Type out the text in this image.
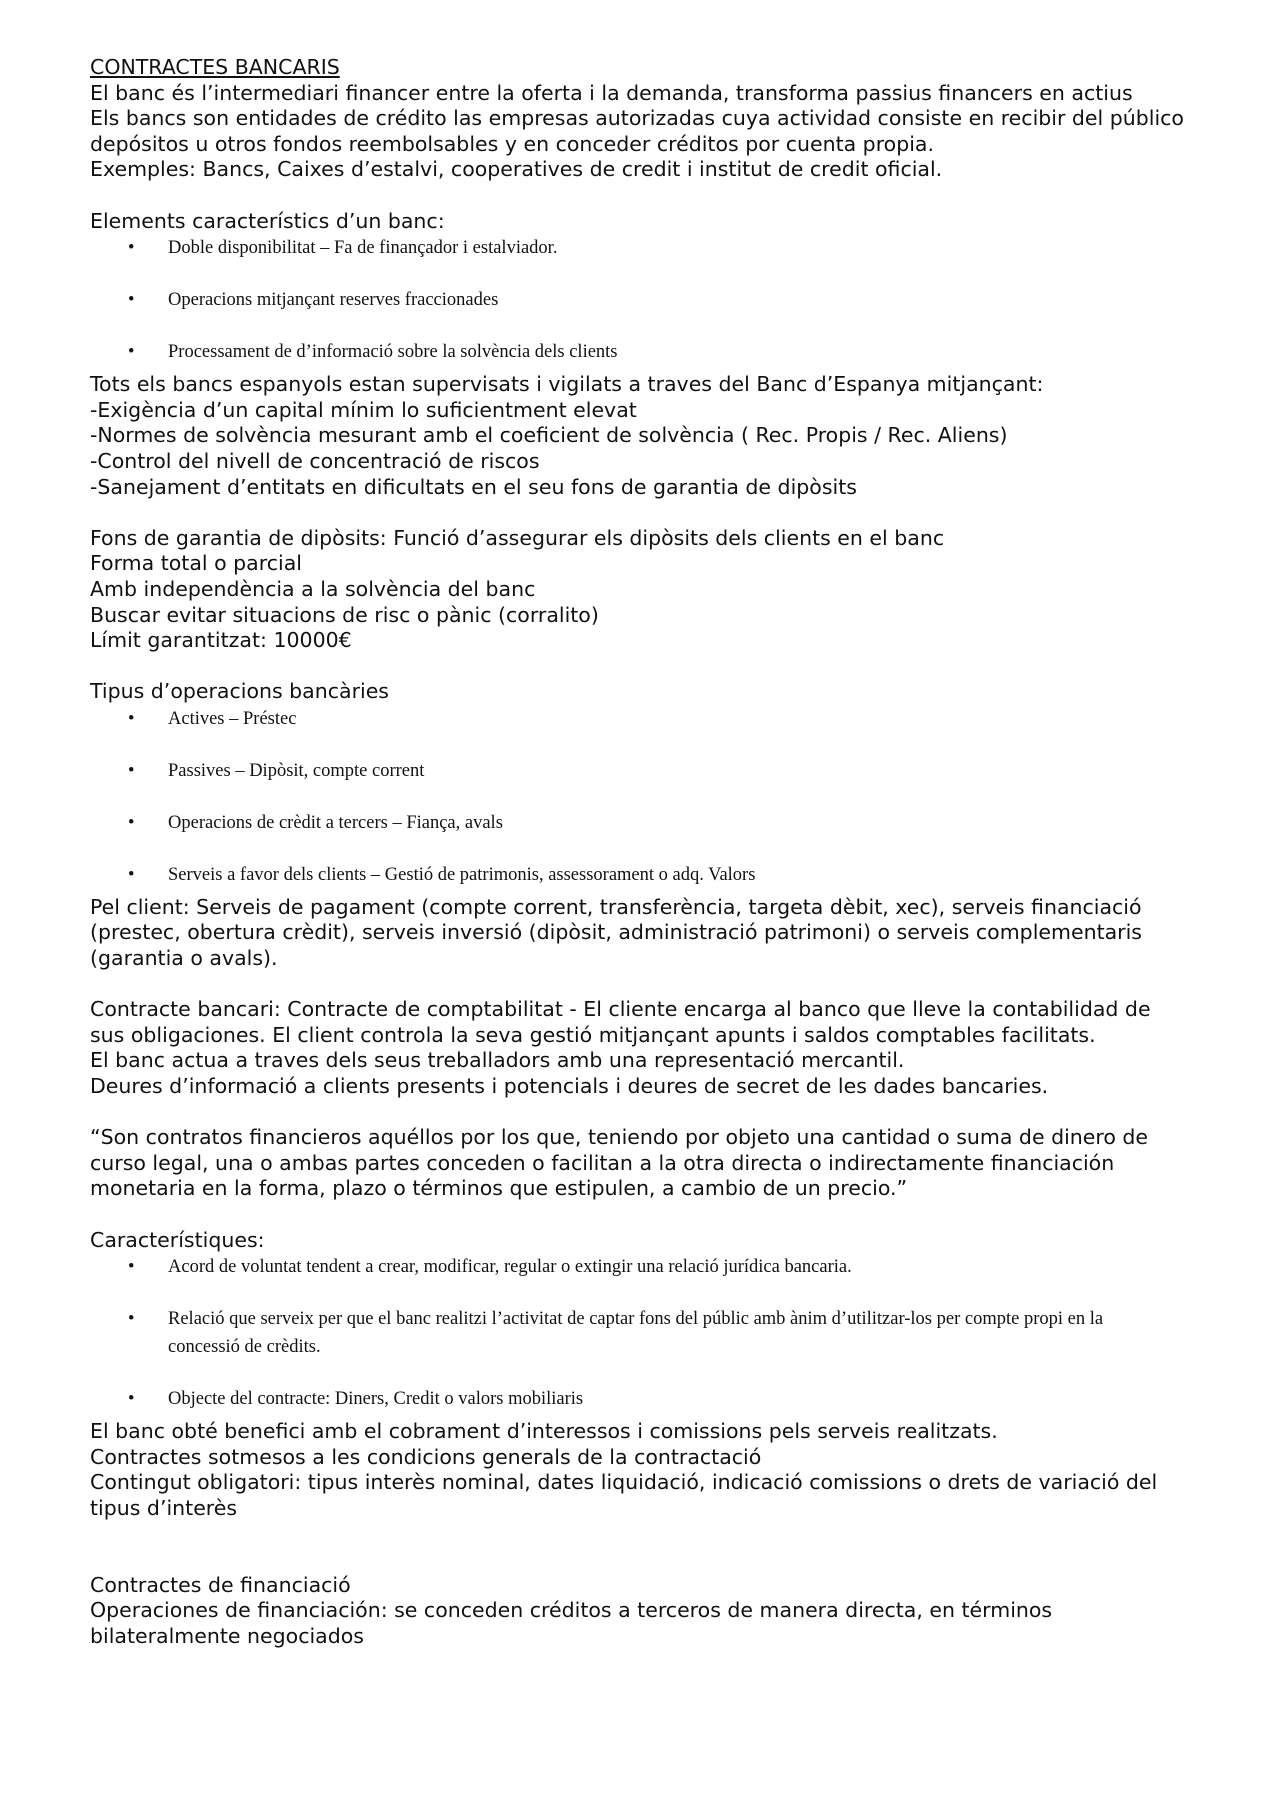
CONTRACTES BANCARIS
El banc és l’intermediari financer entre la oferta i la demanda, transforma passius financers en actius
Els bancs son entidades de crédito las empresas autorizadas cuya actividad consiste en recibir del público
depósitos u otros fondos reembolsables y en conceder créditos por cuenta propia.
Exemples: Bancs, Caixes d’estalvi, cooperatives de credit i institut de credit oficial.
Elements característics d’un banc:
• Doble disponibilitat – Fa de finançador i estalviador.
• Operacions mitjançant reserves fraccionades
• Processament de d’informació sobre la solvència dels clients
Tots els bancs espanyols estan supervisats i vigilats a traves del Banc d’Espanya mitjançant:
-Exigència d’un capital mínim lo suficientment elevat
-Normes de solvència mesurant amb el coeficient de solvència ( Rec. Propis / Rec. Aliens)
-Control del nivell de concentració de riscos
-Sanejament d’entitats en dificultats en el seu fons de garantia de dipòsits
Fons de garantia de dipòsits: Funció d’assegurar els dipòsits dels clients en el banc
Forma total o parcial
Amb independència a la solvència del banc
Buscar evitar situacions de risc o pànic (corralito)
Límit garantitzat: 10000€
Tipus d’operacions bancàries
• Actives – Préstec
• Passives – Dipòsit, compte corrent
• Operacions de crèdit a tercers – Fiança, avals
• Serveis a favor dels clients – Gestió de patrimonis, assessorament o adq. Valors
Pel client: Serveis de pagament (compte corrent, transferència, targeta dèbit, xec), serveis financiació
(prestec, obertura crèdit), serveis inversió (dipòsit, administració patrimoni) o serveis complementaris
(garantia o avals).
Contracte bancari: Contracte de comptabilitat - El cliente encarga al banco que lleve la contabilidad de
sus obligaciones. El client controla la seva gestió mitjançant apunts i saldos comptables facilitats.
El banc actua a traves dels seus treballadors amb una representació mercantil.
Deures d’informació a clients presents i potencials i deures de secret de les dades bancaries.
“Son contratos financieros aquéllos por los que, teniendo por objeto una cantidad o suma de dinero de
curso legal, una o ambas partes conceden o facilitan a la otra directa o indirectamente financiación
monetaria en la forma, plazo o términos que estipulen, a cambio de un precio.”
Característiques:
• Acord de voluntat tendent a crear, modificar, regular o extingir una relació jurídica bancaria.
• Relació que serveix per que el banc realitzi l’activitat de captar fons del públic amb ànim d’utilitzar-los per compte propi en la concessió de crèdits.
• Objecte del contracte: Diners, Credit o valors mobiliaris
El banc obté benefici amb el cobrament d’interessos i comissions pels serveis realitzats.
Contractes sotmesos a les condicions generals de la contractació
Contingut obligatori: tipus interès nominal, dates liquidació, indicació comissions o drets de variació del
tipus d’interès
Contractes de financiació
Operaciones de financiación: se conceden créditos a terceros de manera directa, en términos
bilateralmente negociados
